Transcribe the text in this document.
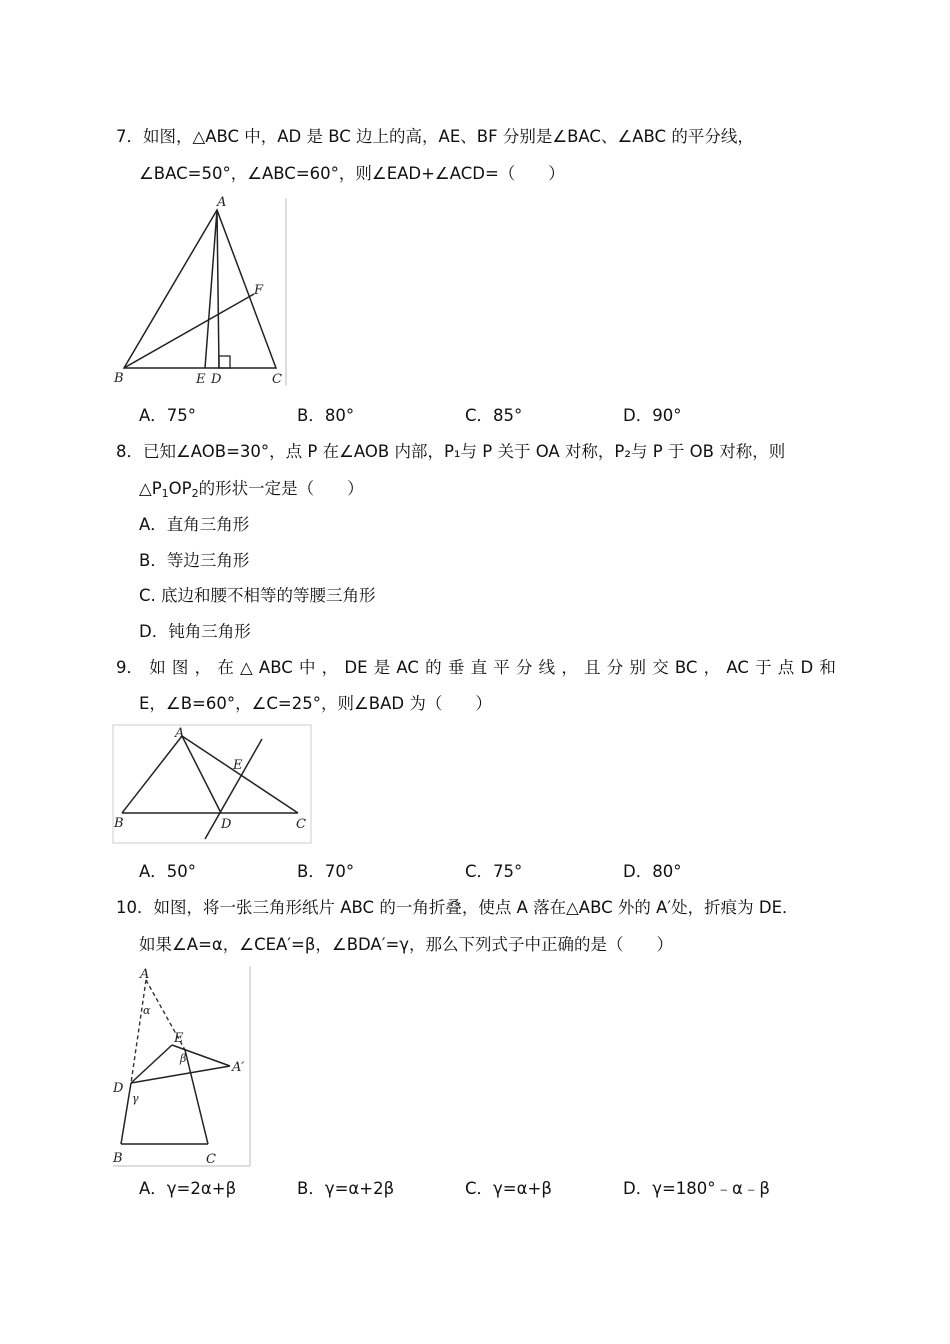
7．如图，△ABC 中，AD 是 BC 边上的高，AE、BF 分别是∠BAC、∠ABC 的平分线，
∠BAC=50°，∠ABC=60°，则∠EAD+∠ACD=（　　）
A
F
B	E D	C
A．75°	B．80°	C．85°	D．90°
8．已知∠AOB=30°，点 P 在∠AOB 内部，P₁与 P 关于 OA 对称，P₂与 P 于 OB 对称，则
$\triangle P_1OP_2$的形状一定是（　　）
A．直角三角形
B．等边三角形
C. 底边和腰不相等的等腰三角形
D．钝角三角形
9． 如 图 ， 在 △ ABC 中 ， DE 是 AC 的 垂 直 平 分 线 ， 且 分 别 交 BC ， AC 于 点 D 和
E，∠B=60°，∠C=25°，则∠BAD 为（　　）
A
E
B	D	C
A．50°	B．70°	C．75°	D．80°
10．如图，将一张三角形纸片 ABC 的一角折叠，使点 A 落在△ABC 外的 A′处，折痕为 DE．
如果∠A=α，∠CEA′=β，∠BDA′=γ，那么下列式子中正确的是（　　）
A
α
E
β
A′
D
γ
B	C
A．γ=2α+β	B．γ=α+2β	C．γ=α+β	D．γ=180°﹣α﹣β
